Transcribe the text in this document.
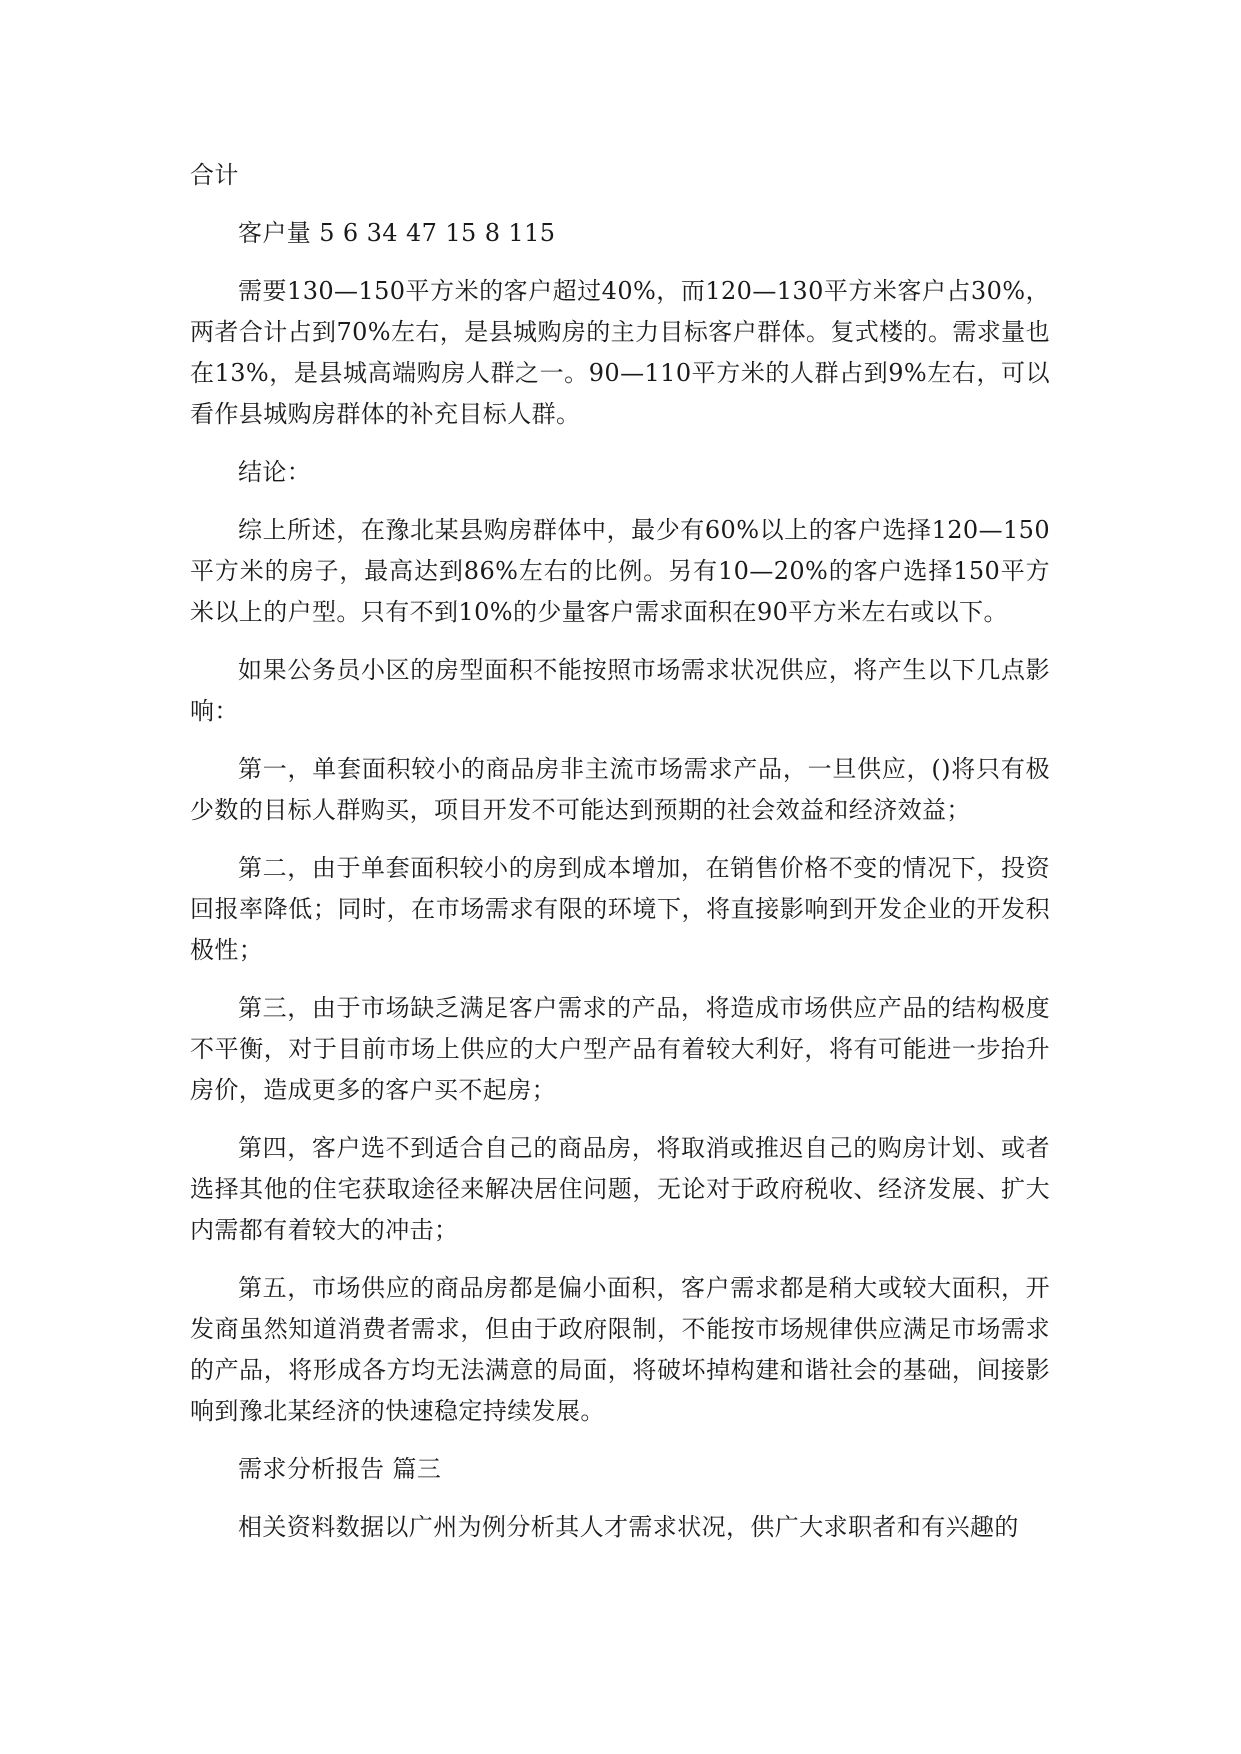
合计

客户量 5 6 34 47 15 8 115

需要130—150平方米的客户超过40%，而120—130平方米客户占30%，两者合计占到70%左右，是县城购房的主力目标客户群体。复式楼的。需求量也在13%，是县城高端购房人群之一。90—110平方米的人群占到9%左右，可以看作县城购房群体的补充目标人群。

结论：

综上所述，在豫北某县购房群体中，最少有60%以上的客户选择120—150平方米的房子，最高达到86%左右的比例。另有10—20%的客户选择150平方米以上的户型。只有不到10%的少量客户需求面积在90平方米左右或以下。

如果公务员小区的房型面积不能按照市场需求状况供应，将产生以下几点影响：

第一，单套面积较小的商品房非主流市场需求产品，一旦供应，()将只有极少数的目标人群购买，项目开发不可能达到预期的社会效益和经济效益；

第二，由于单套面积较小的房到成本增加，在销售价格不变的情况下，投资回报率降低；同时，在市场需求有限的环境下，将直接影响到开发企业的开发积极性；

第三，由于市场缺乏满足客户需求的产品，将造成市场供应产品的结构极度不平衡，对于目前市场上供应的大户型产品有着较大利好，将有可能进一步抬升房价，造成更多的客户买不起房；

第四，客户选不到适合自己的商品房，将取消或推迟自己的购房计划、或者选择其他的住宅获取途径来解决居住问题，无论对于政府税收、经济发展、扩大内需都有着较大的冲击；

第五，市场供应的商品房都是偏小面积，客户需求都是稍大或较大面积，开发商虽然知道消费者需求，但由于政府限制，不能按市场规律供应满足市场需求的产品，将形成各方均无法满意的局面，将破坏掉构建和谐社会的基础，间接影响到豫北某经济的快速稳定持续发展。

需求分析报告 篇三

相关资料数据以广州为例分析其人才需求状况，供广大求职者和有兴趣的
